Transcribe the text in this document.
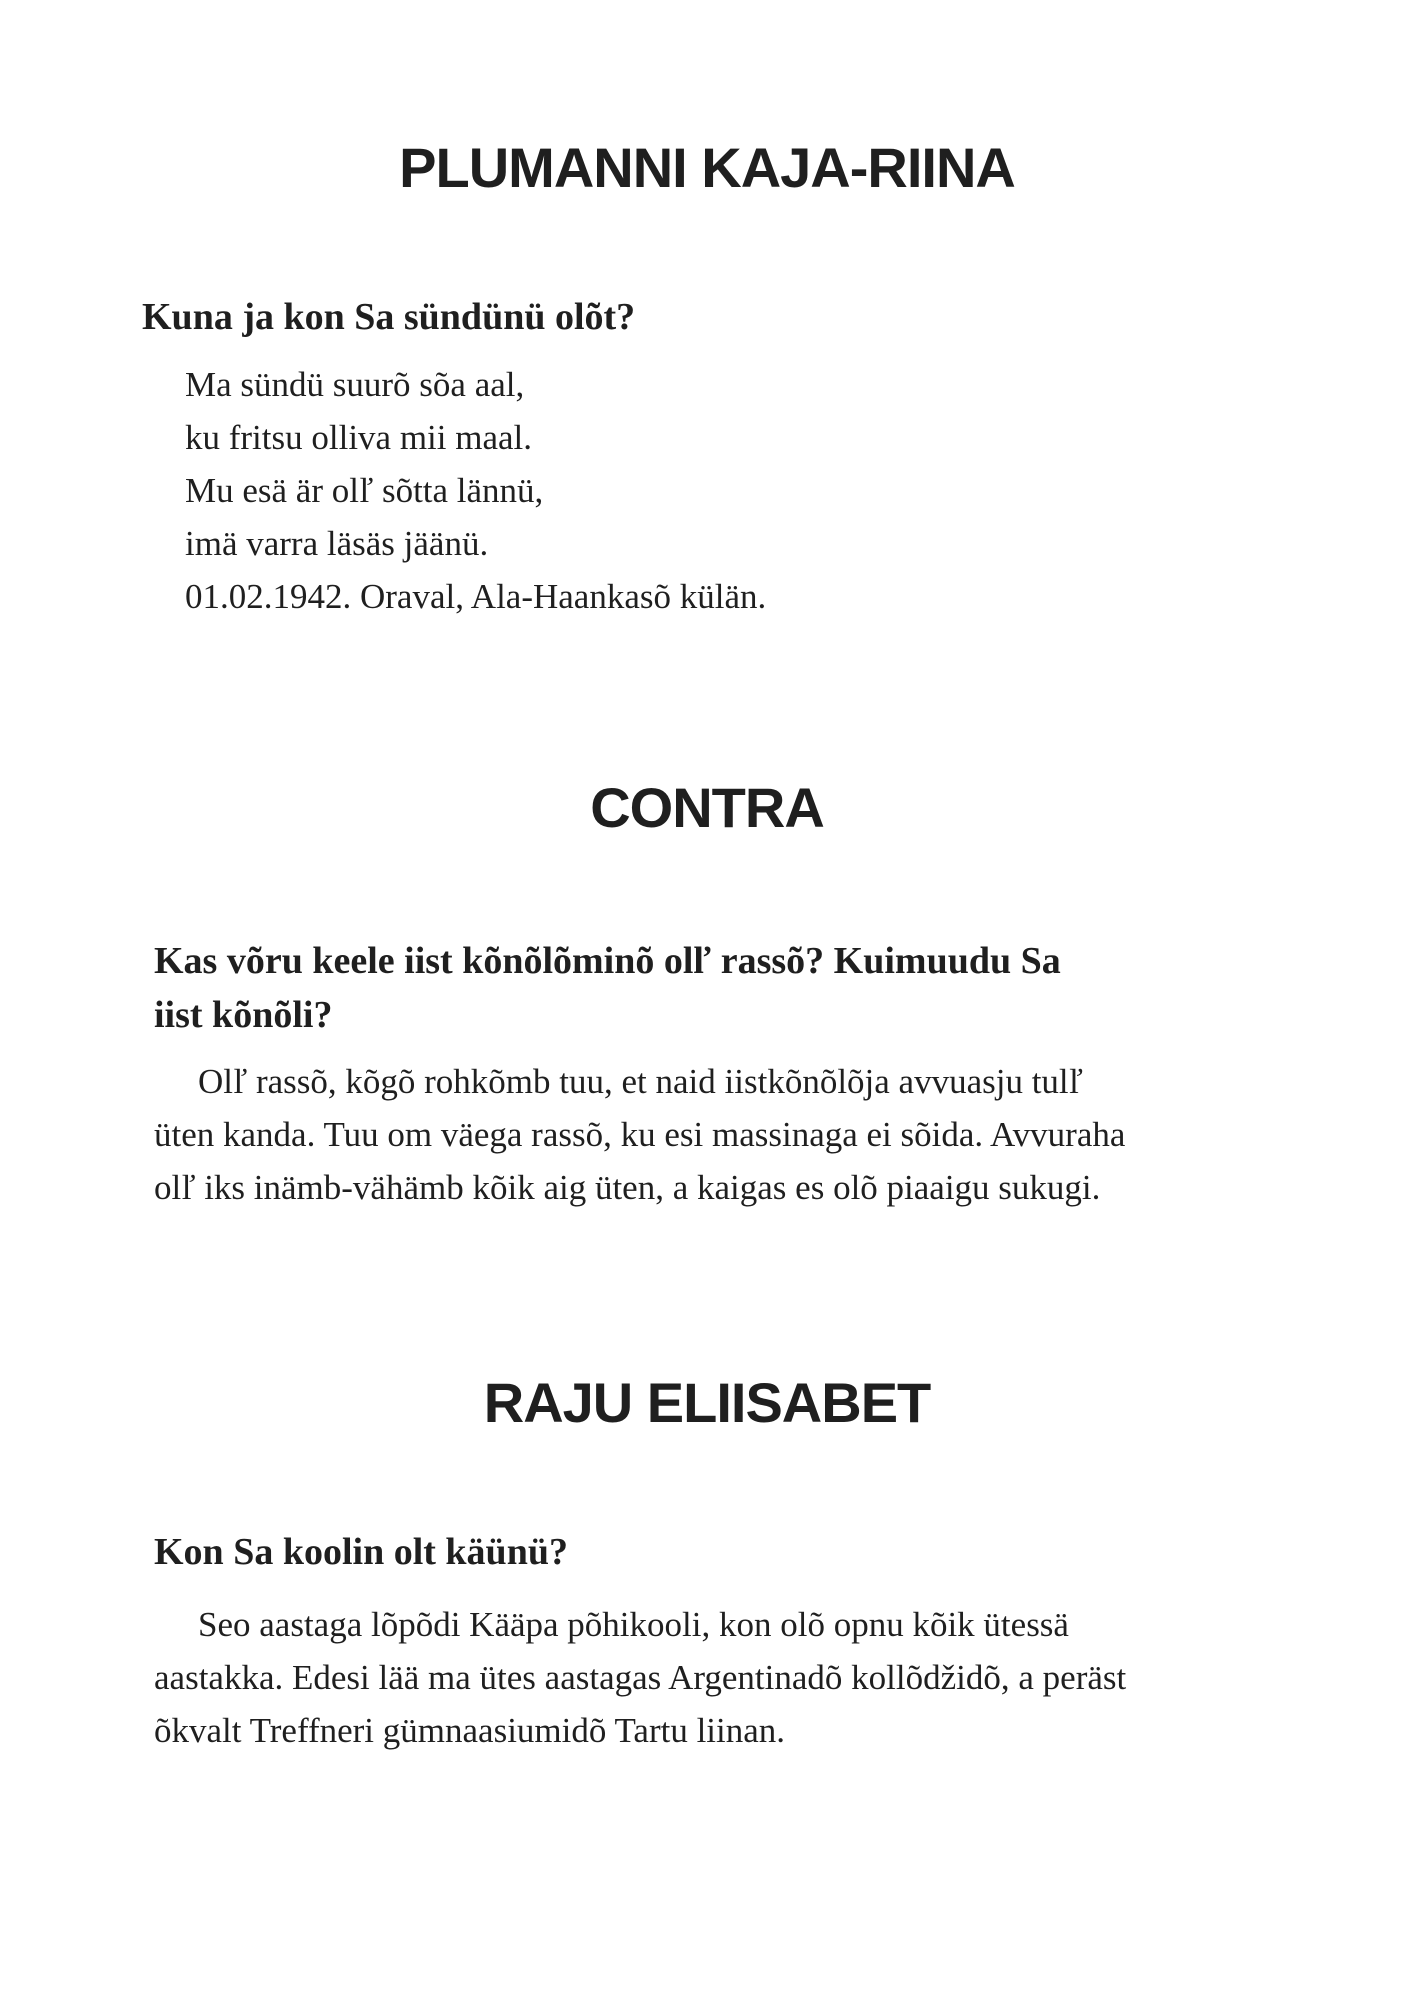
PLUMANNI KAJA-RIINA
Kuna ja kon Sa sündünü olõt?
Ma sündü suurõ sõa aal,
ku fritsu olliva mii maal.
Mu esä är olľ sõtta lännü,
imä varra läsäs jäänü.
01.02.1942. Oraval, Ala-Haankasõ külän.
CONTRA
Kas võru keele iist kõnõlõminõ olľ rassõ? Kuimuudu Sa
iist kõnõli?
Olľ rassõ, kõgõ rohkõmb tuu, et naid iistkõnõlõja avvuasju tulľ
üten kanda. Tuu om väega rassõ, ku esi massinaga ei sõida. Avvuraha
olľ iks inämb-vähämb kõik aig üten, a kaigas es olõ piaaigu sukugi.
RAJU ELIISABET
Kon Sa koolin olt käünü?
Seo aastaga lõpõdi Kääpa põhikooli, kon olõ opnu kõik ütessä
aastakka. Edesi lää ma ütes aastagas Argentinadõ kollõdžidõ, a peräst
õkvalt Treffneri gümnaasiumidõ Tartu liinan.
